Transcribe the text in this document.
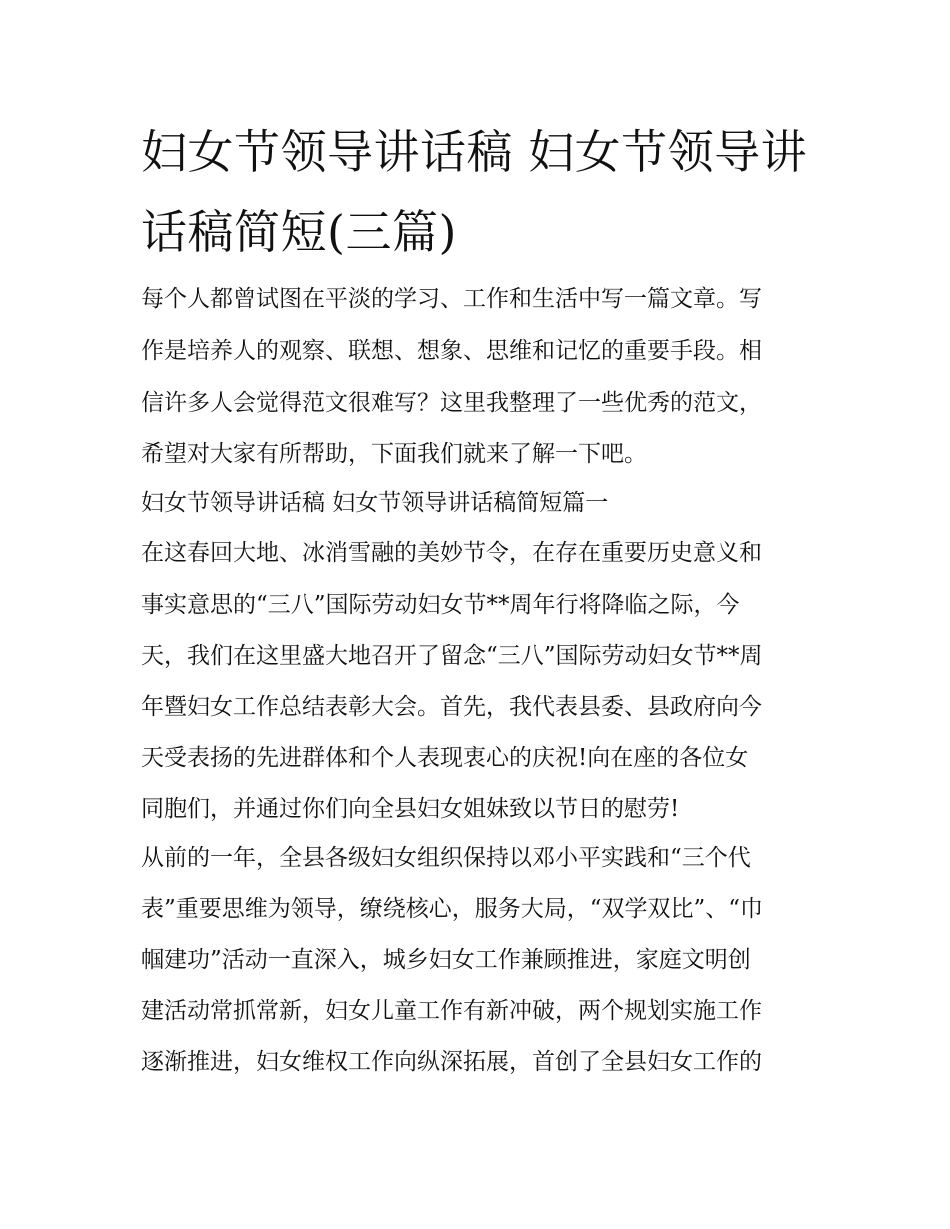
妇女节领导讲话稿 妇女节领导讲话稿简短(三篇)

每个人都曾试图在平淡的学习、工作和生活中写一篇文章。写

作是培养人的观察、联想、想象、思维和记忆的重要手段。相

信许多人会觉得范文很难写？这里我整理了一些优秀的范文，

希望对大家有所帮助，下面我们就来了解一下吧。

妇女节领导讲话稿 妇女节领导讲话稿简短篇一

在这春回大地、冰消雪融的美妙节令，在存在重要历史意义和

事实意思的“三八”国际劳动妇女节**周年行将降临之际，今

天，我们在这里盛大地召开了留念“三八”国际劳动妇女节**周

年暨妇女工作总结表彰大会。首先，我代表县委、县政府向今

天受表扬的先进群体和个人表现衷心的庆祝!向在座的各位女

同胞们，并通过你们向全县妇女姐妹致以节日的慰劳!

从前的一年，全县各级妇女组织保持以邓小平实践和“三个代

表”重要思维为领导，缭绕核心，服务大局，“双学双比”、“巾

帼建功”活动一直深入，城乡妇女工作兼顾推进，家庭文明创

建活动常抓常新，妇女儿童工作有新冲破，两个规划实施工作

逐渐推进，妇女维权工作向纵深拓展，首创了全县妇女工作的
